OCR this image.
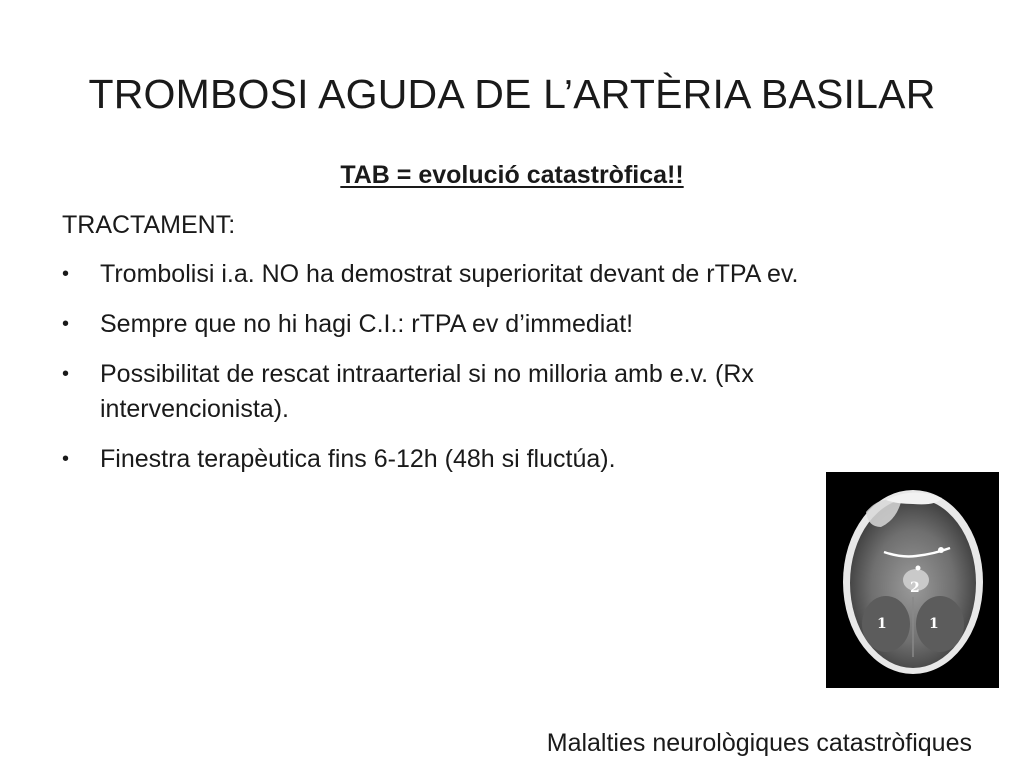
TROMBOSI AGUDA DE L’ARTÈRIA BASILAR
TAB = evolució catastròfica!!
TRACTAMENT:
• Trombolisi i.a. NO ha demostrat superioritat devant de rTPA ev.
• Sempre que no hi hagi C.I.: rTPA ev d’immediat!
• Possibilitat de rescat intraarterial si no milloria amb e.v. (Rx intervencionista).
• Finestra terapèutica fins 6-12h (48h si fluctúa).
2
1	1
Malalties neurològiques catastròfiques
